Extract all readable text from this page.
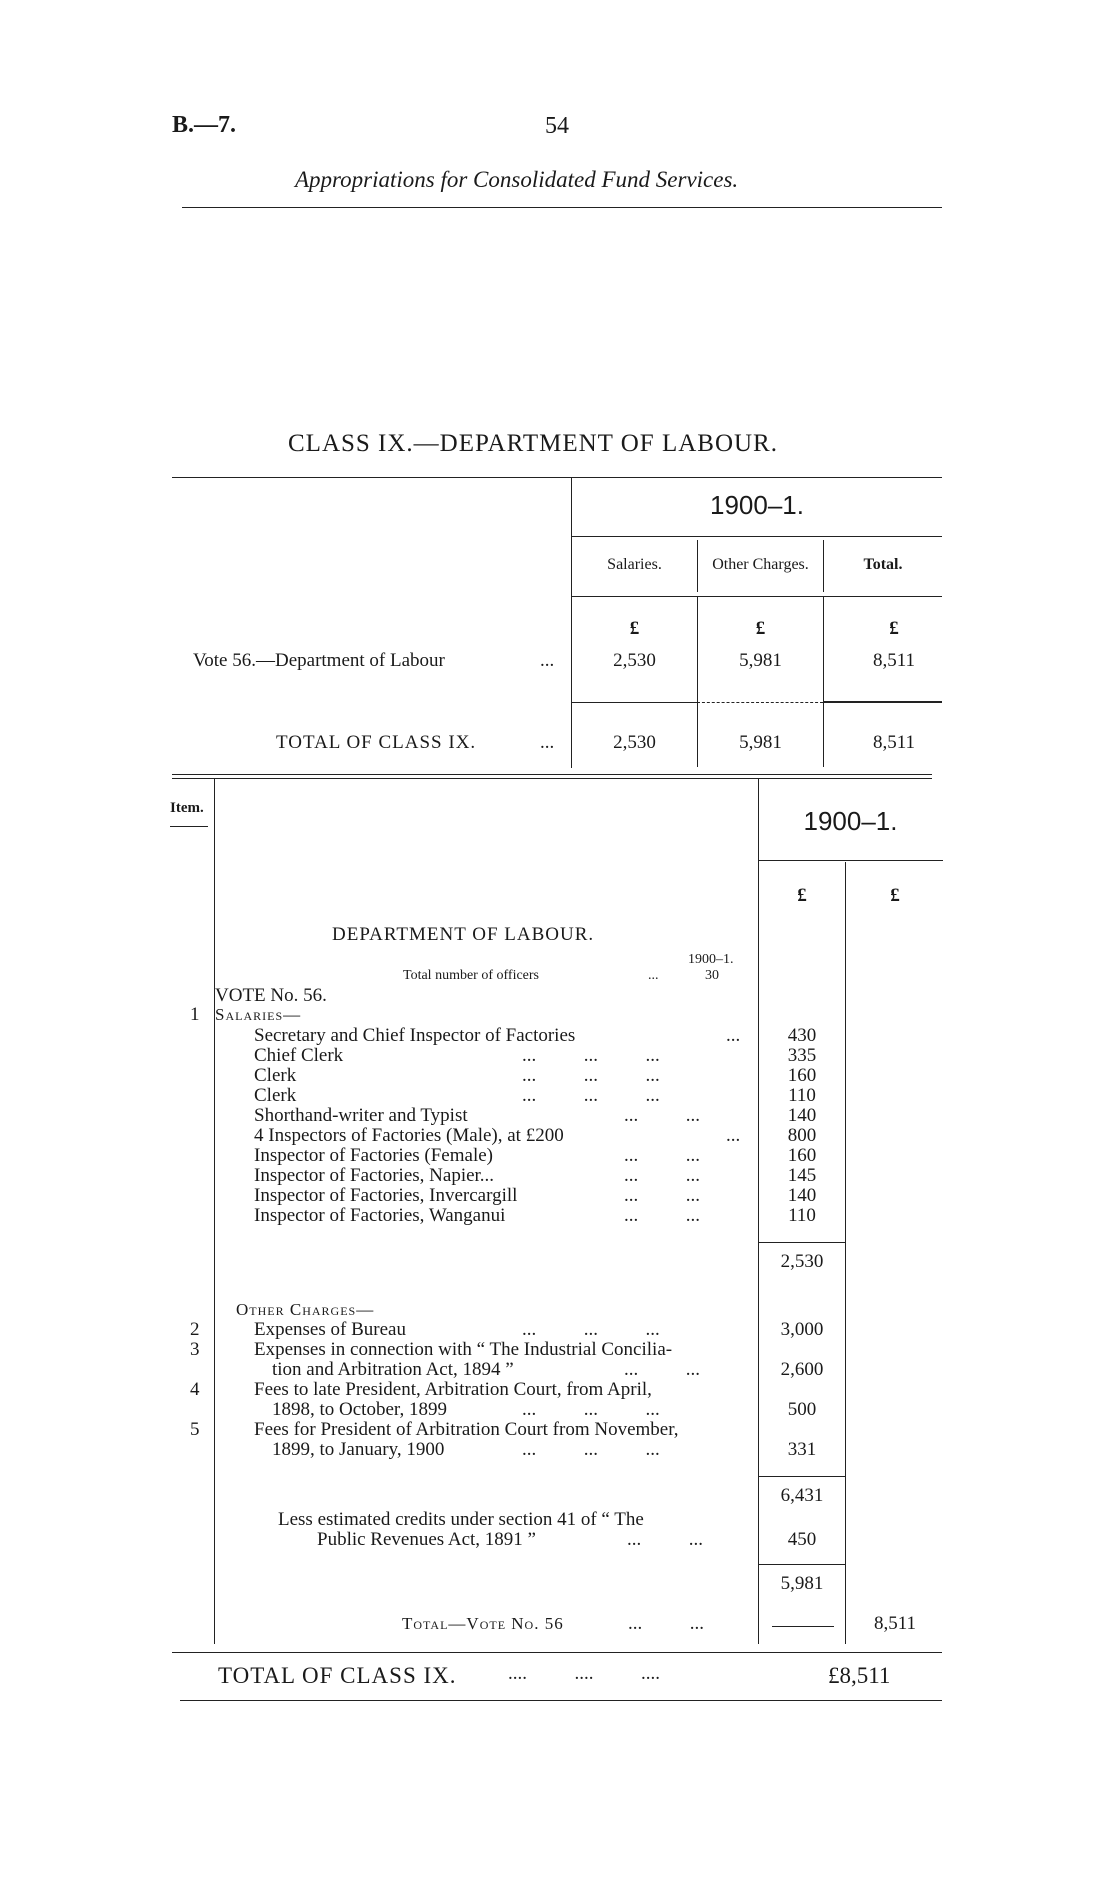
B.—7.	54
Appropriations for Consolidated Fund Services.
CLASS IX.—DEPARTMENT OF LABOUR.
1900–1.
Salaries.	Other Charges.	Total.
£	£	£
Vote 56.—Department of Labour	...	2,530	5,981	8,511
TOTAL OF CLASS IX.	...	2,530	5,981	8,511
Item.	1900–1.
£	£
DEPARTMENT OF LABOUR.
1900–1.
Total number of officers	...	30
VOTE No. 56.
1 Salaries—
Secretary and Chief Inspector of Factories	...	430
Chief Clerk	...          ...          ...	335
Clerk	...          ...          ...	160
Clerk	...          ...          ...	110
Shorthand-writer and Typist	...          ...	140
4 Inspectors of Factories (Male), at £200	...	800
Inspector of Factories (Female)	...          ...	160
Inspector of Factories, Napier...	...          ...	145
Inspector of Factories, Invercargill	...          ...	140
Inspector of Factories, Wanganui	...          ...	110
2,530
Other Charges—
2	Expenses of Bureau	...          ...          ...	3,000
3	Expenses in connection with “ The Industrial Concilia-
tion and Arbitration Act, 1894 ”	...          ...	2,600
4	Fees to late President, Arbitration Court, from April,
1898, to October, 1899	...          ...          ...	500
5	Fees for President of Arbitration Court from November,
1899, to January, 1900	...          ...          ...	331
6,431
Less estimated credits under section 41 of “ The
Public Revenues Act, 1891 ”	...          ...	450
5,981
Total—Vote No. 56	...          ...	8,511
TOTAL OF CLASS IX.	....          ....          ....	£8,511
